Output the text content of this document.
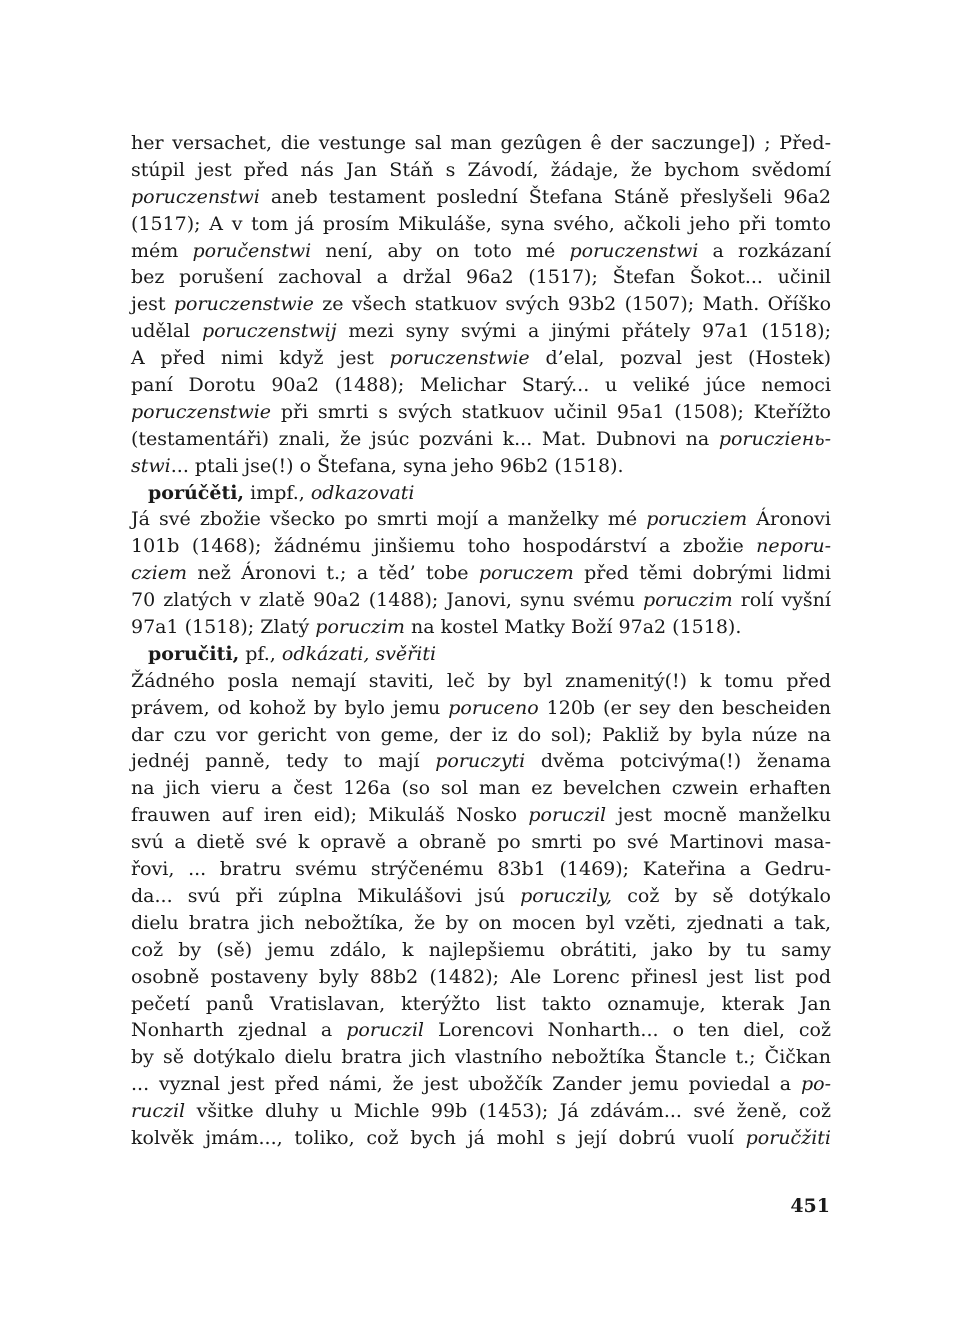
her versachet, die vestunge sal man gezûgen ê der saczunge]) ; Před-
stúpil jest před nás Jan Stáň s Závodí, žádaje, že bychom svědomí
poruczenstwi aneb testament poslední Štefana Stáně přeslyšeli 96a2
(1517); A v tom já prosím Mikuláše, syna svého, ačkoli jeho při tomto
mém poručenstwi není, aby on toto mé poruczenstwi a rozkázaní
bez porušení zachoval a držal 96a2 (1517); Štefan Šokot... učinil
jest poruczenstwie ze všech statkuov svých 93b2 (1507); Math. Oříško
udělal poruczenstwij mezi syny svými a jinými přátely 97a1 (1518);
A před nimi když jest poruczenstwie d’elal, pozval jest (Hostek)
paní Dorotu 90a2 (1488); Melichar Starý... u veliké júce nemoci
poruczenstwie při smrti s svých statkuov učinil 95a1 (1508); Kteřížto
(testamentáři) znali, že jsúc pozváni k... Mat. Dubnovi na porucziень-
stwi... ptali jse(!) o Štefana, syna jeho 96b2 (1518).
porúčěti, impf., odkazovati
Já své zbožie všecko po smrti mojí a manželky mé porucziem Áronovi
101b (1468); žádnému jinšiemu toho hospodárství a zbožie neporu-
cziem než Áronovi t.; a těd’ tobe poruczem před těmi dobrými lidmi
70 zlatých v zlatě 90a2 (1488); Janovi, synu svému poruczim rolí vyšní
97a1 (1518); Zlatý poruczim na kostel Matky Boží 97a2 (1518).
poručiti, pf., odkázati, svěřiti
Žádného posla nemají staviti, leč by byl znamenitý(!) k tomu před
právem, od kohož by bylo jemu poruceno 120b (er sey den bescheiden
dar czu vor gericht von geme, der iz do sol); Pakliž by byla núze na
jednéj panně, tedy to mají poruczyti dvěma potcivýma(!) ženama
na jich vieru a čest 126a (so sol man ez bevelchen czwein erhaften
frauwen auf iren eid); Mikuláš Nosko poruczil jest mocně manželku
svú a dietě své k opravě a obraně po smrti po své Martinovi masa-
řovi, ... bratru svému strýčenému 83b1 (1469); Kateřina a Gedru-
da... svú při zúplna Mikulášovi jsú poruczily, což by sě dotýkalo
dielu bratra jich nebožtíka, že by on mocen byl vzěti, zjednati a tak,
což by (sě) jemu zdálo, k najlepšiemu obrátiti, jako by tu samy
osobně postaveny byly 88b2 (1482); Ale Lorenc přinesl jest list pod
pečetí panů Vratislavan, kterýžto list takto oznamuje, kterak Jan
Nonharth zjednal a poruczil Lorencovi Nonharth... o ten diel, což
by sě dotýkalo dielu bratra jich vlastního nebožtíka Štancle t.; Čičkan
... vyznal jest před námi, že jest ubožčík Zander jemu poviedal a po-
ruczil všitke dluhy u Michle 99b (1453); Já zdávám... své ženě, což
kolvěk jmám..., toliko, což bych já mohl s její dobrú vuolí poručžiti
451
